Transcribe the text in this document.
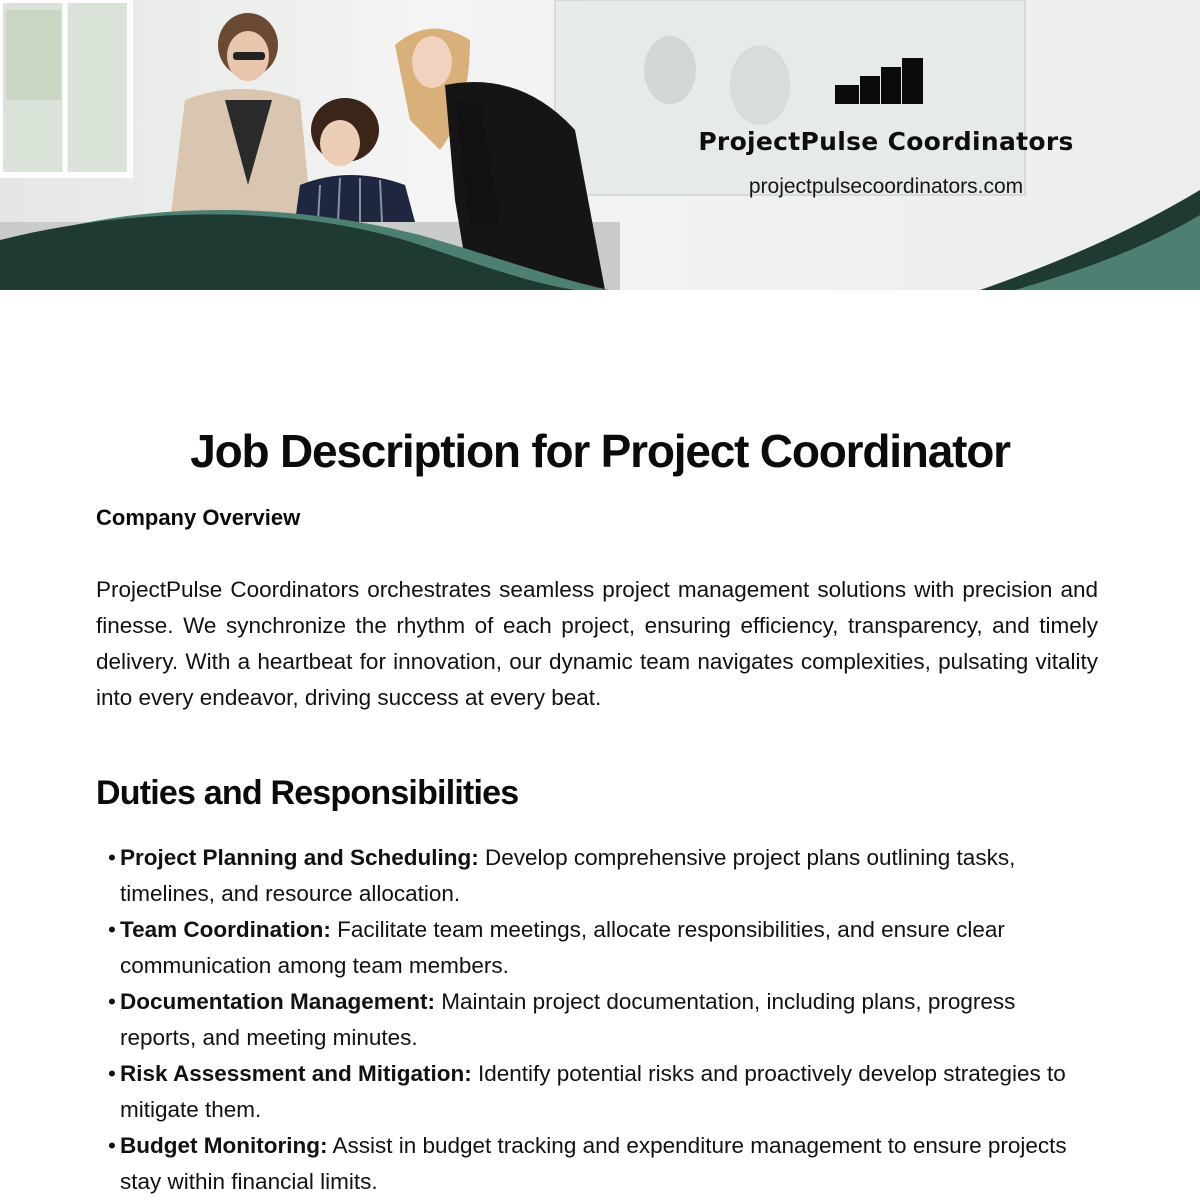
ProjectPulse Coordinators
projectpulsecoordinators.com
Job Description for Project Coordinator
Company Overview

ProjectPulse Coordinators orchestrates seamless project management solutions with precision and finesse. We synchronize the rhythm of each project, ensuring efficiency, transparency, and timely delivery. With a heartbeat for innovation, our dynamic team navigates complexities, pulsating vitality into every endeavor, driving success at every beat.

Duties and Responsibilities
• Project Planning and Scheduling: Develop comprehensive project plans outlining tasks, timelines, and resource allocation.
• Team Coordination: Facilitate team meetings, allocate responsibilities, and ensure clear communication among team members.
• Documentation Management: Maintain project documentation, including plans, progress reports, and meeting minutes.
• Risk Assessment and Mitigation: Identify potential risks and proactively develop strategies to mitigate them.
• Budget Monitoring: Assist in budget tracking and expenditure management to ensure projects stay within financial limits.
